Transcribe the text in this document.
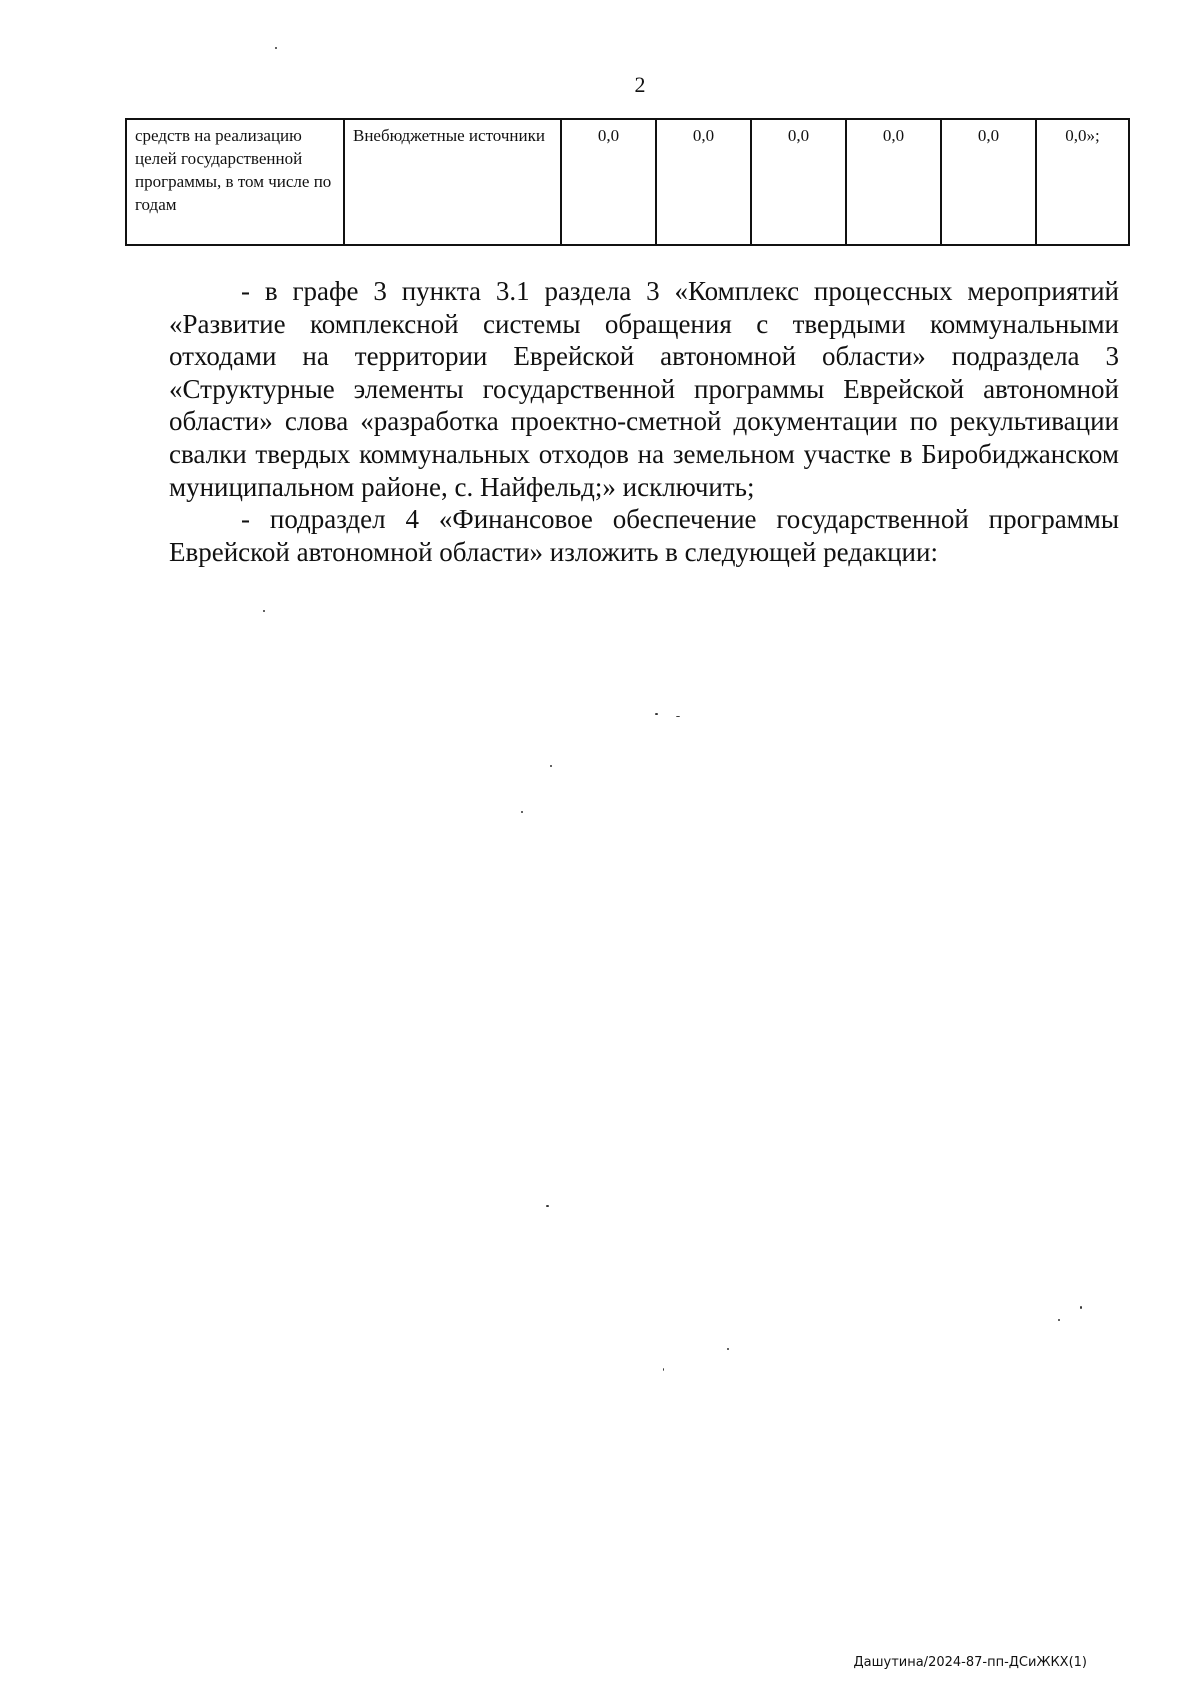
2
средств на реализацию целей государственной программы, в том числе по годам	Внебюджетные источники	0,0	0,0	0,0	0,0	0,0	0,0»;

- в графе 3 пункта 3.1 раздела 3 «Комплекс процессных мероприятий «Развитие комплексной системы обращения с твердыми коммунальными отходами на территории Еврейской автономной области» подраздела 3 «Структурные элементы государственной программы Еврейской автономной области» слова «разработка проектно-сметной документации по рекультивации свалки твердых коммунальных отходов на земельном участке в Биробиджанском муниципальном районе, с. Найфельд;» исключить;

- подраздел 4 «Финансовое обеспечение государственной программы Еврейской автономной области» изложить в следующей редакции:

Дашутина/2024-87-пп-ДСиЖКХ(1)
